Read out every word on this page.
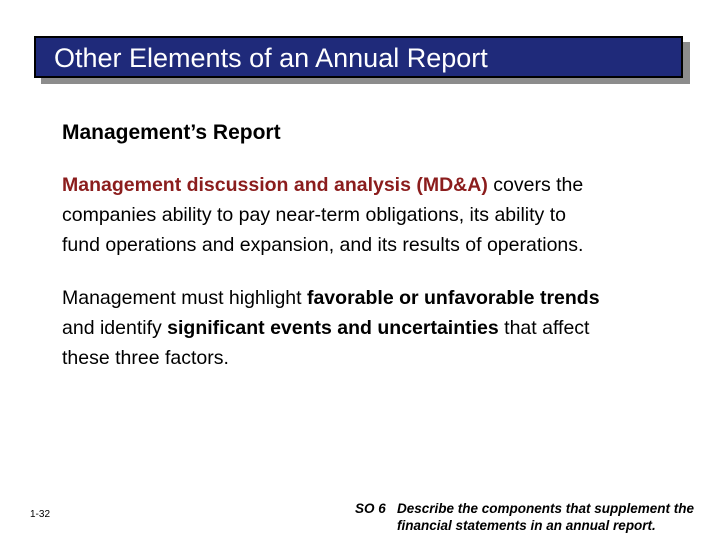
Other Elements of an Annual Report
Management’s Report
Management discussion and analysis (MD&A) covers the
companies ability to pay near-term obligations, its ability to
fund operations and expansion, and its results of operations.
Management must highlight favorable or unfavorable trends
and identify significant events and uncertainties that affect
these three factors.
1-32	SO 6 Describe the components that supplement the
financial statements in an annual report.
